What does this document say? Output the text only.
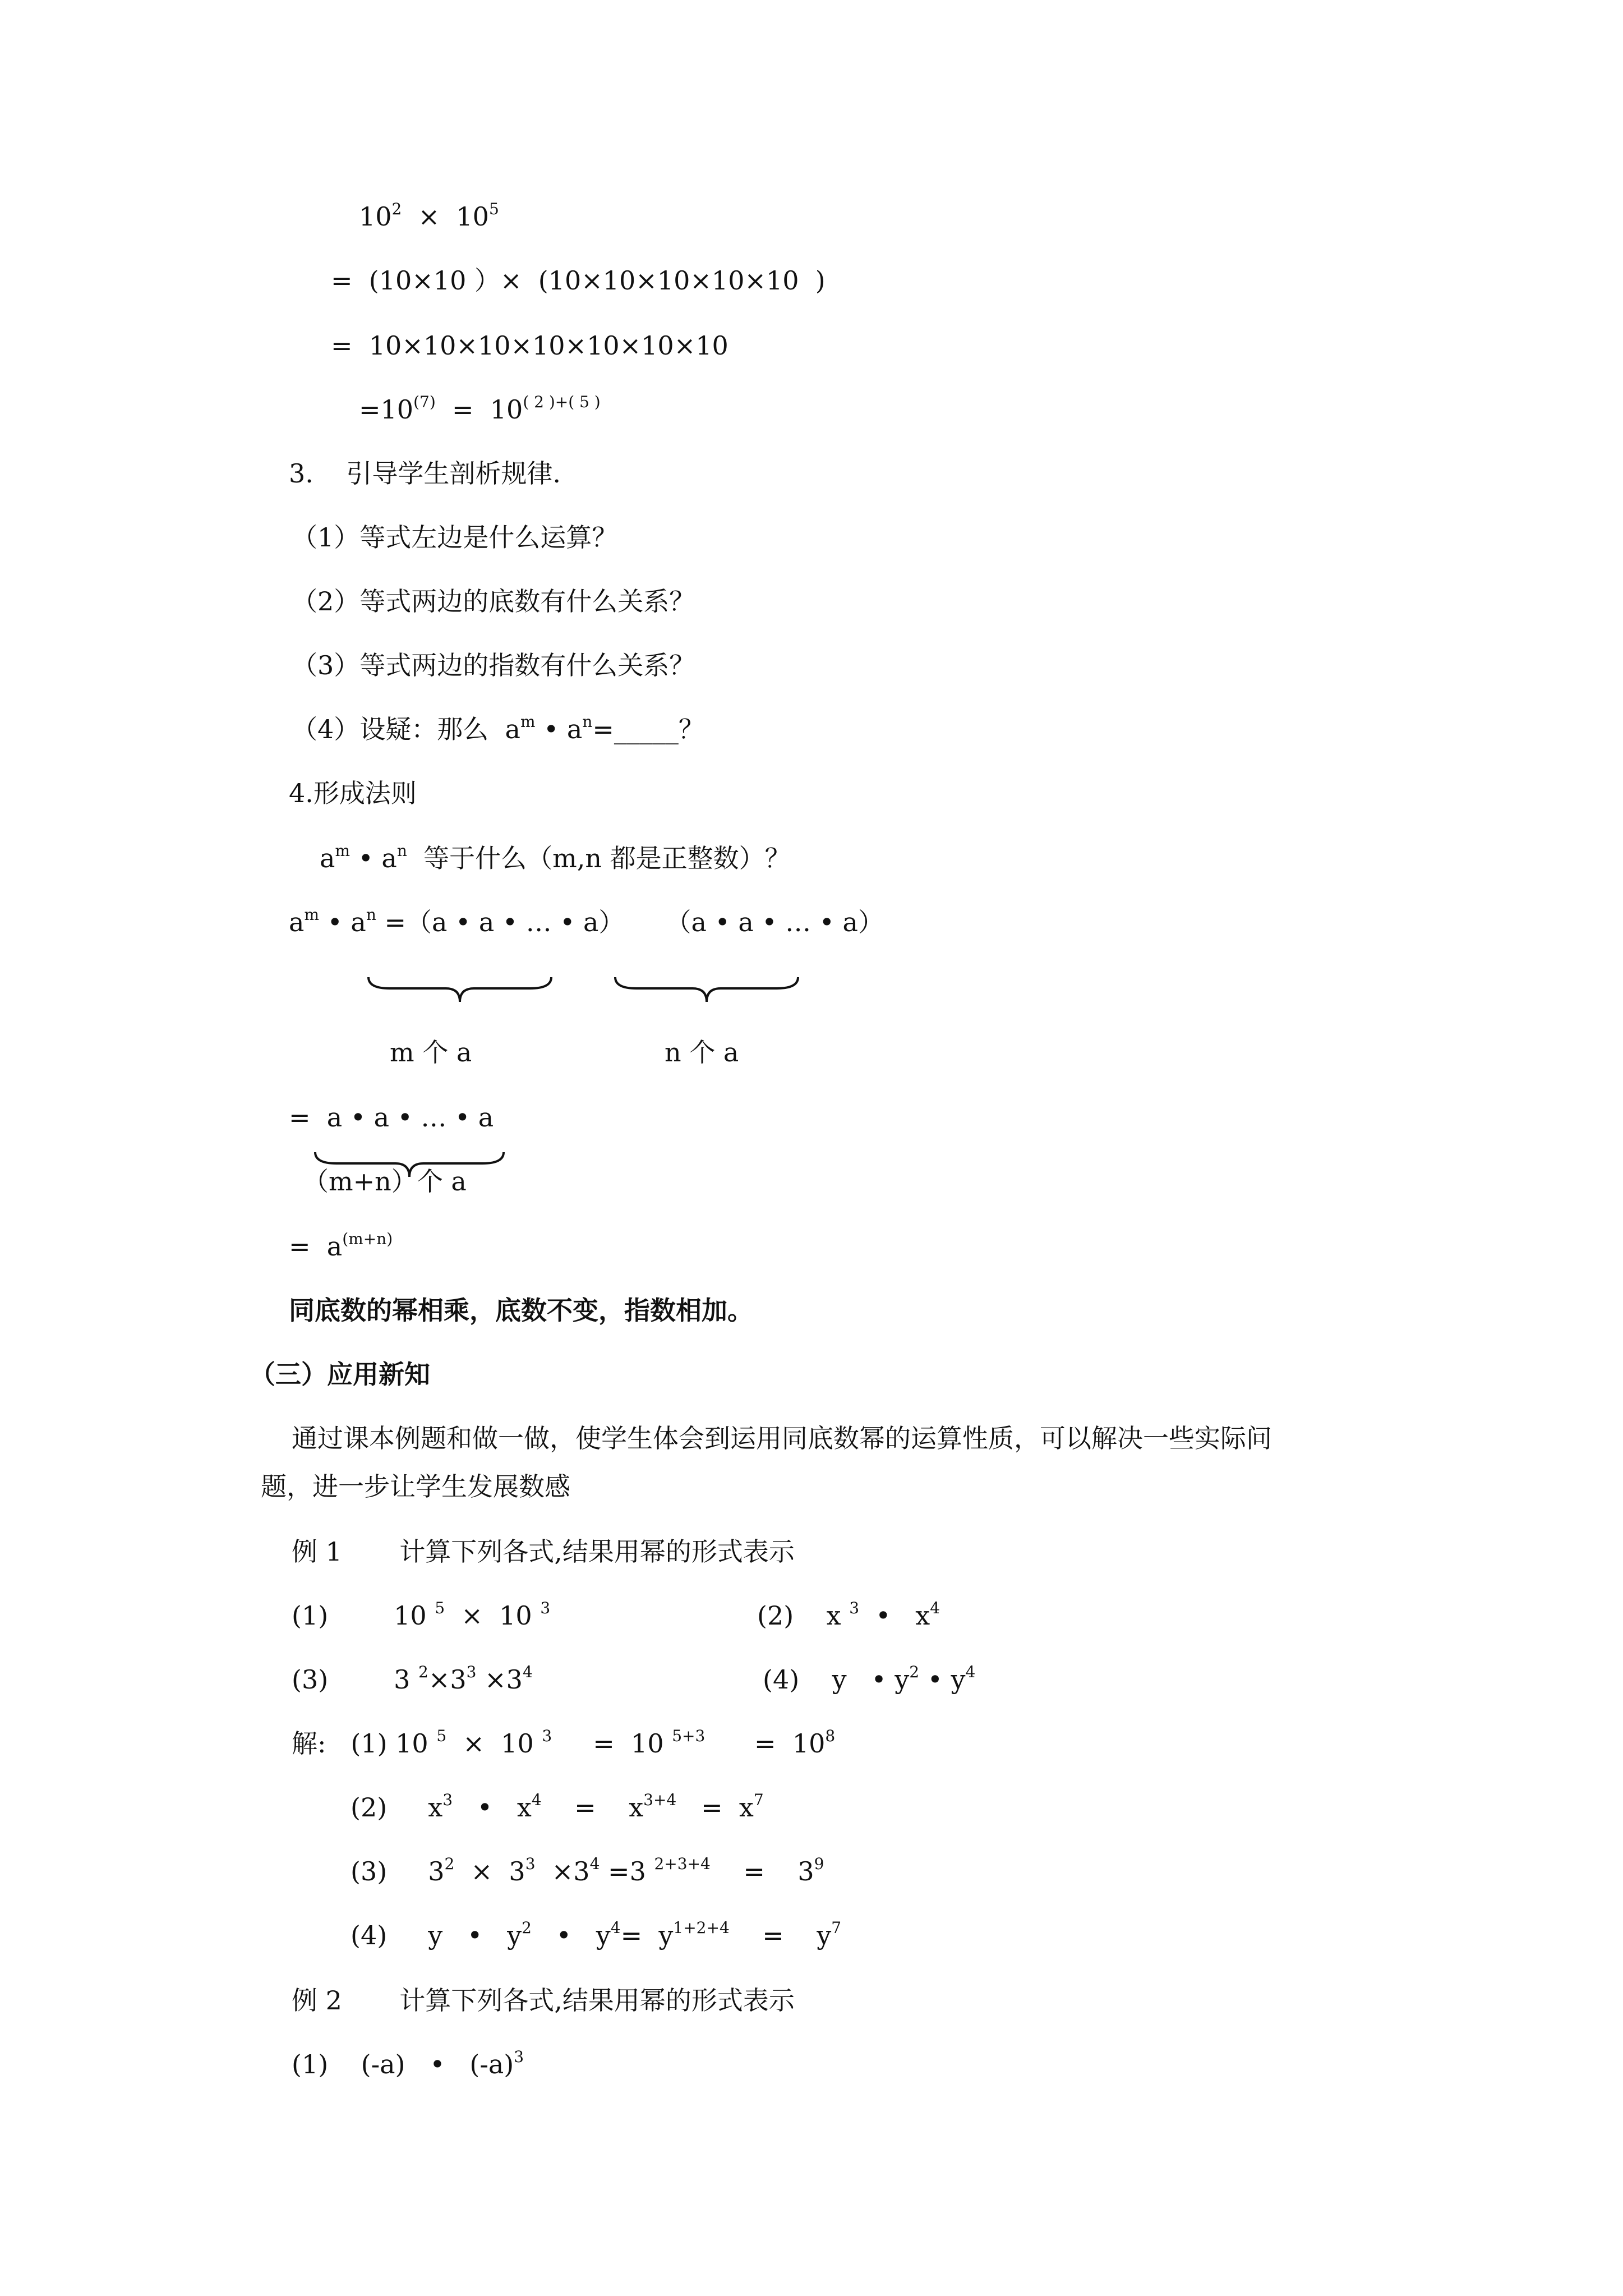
$10^2 \times 10^5$
=  (10×10 ）×  (10×10×10×10×10  )
=  10×10×10×10×10×10×10
$=10^{(7)} = 10^{( 2 )+( 5 )}$
3.    引导学生剖析规律.
（1）等式左边是什么运算？
（2）等式两边的底数有什么关系？
（3）等式两边的指数有什么关系？
（4）设疑：那么  $a^m$ • $a^n=\_\_\_\_\_$？
4.形成法则
$a^m$ • $a^n$  等于什么（m,n 都是正整数）？
$a^m$ • $a^n =(a$ • a • … • a）     （a • a • … • a）
m 个 a	n 个 a
=  a • a • … • a
（m+n）个 a
=  $a^{(m+n)}$
同底数的幂相乘，底数不变，指数相加。
（三）应用新知
通过课本例题和做一做，使学生体会到运用同底数幂的运算性质，可以解决一些实际问
题，进一步让学生发展数感
例 1       计算下列各式,结果用幂的形式表示
(1)        10 $^5$  ×  10 $^3$	(2)    x $^3$  •   $x^4$
(3)        3 $^2\times 3^3 \times 3^4$	(4)    y   • $y^2$ • $y^4$
解:   (1) 10 $^5$  ×  10 $^3$     =  10 $^{5+3}$      =  $10^8$
(2)     $x^3$   •   $x^4$    =    $x^{3+4} = x^7$
(3)     $3^2 \times 3^3 \times 3^4 =3$ $^{2+3+4}$    =    $3^9$
(4)     y   •   $y^2$   •   $y^4= y^{1+2+4}$    =    $y^7$
例 2       计算下列各式,结果用幂的形式表示
(1)    (-a)   •   $(-a)^3$
